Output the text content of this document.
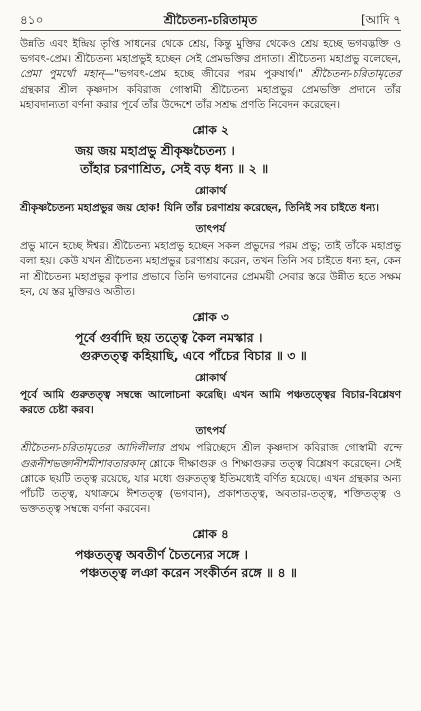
৪১০	শ্রীচৈতন্য-চরিতামৃত	[আদি ৭

উন্নতি এবং ইন্দ্রিয় তৃপ্তি সাধনের থেকে শ্রেয়, কিন্তু মুক্তির থেকেও শ্রেয় হচ্ছে ভগবদ্ভক্তি ও ভগবৎ-প্রেম। শ্রীচৈতন্য মহাপ্রভুই হচ্ছেন সেই প্রেমভক্তির প্রদাতা। শ্রীচৈতন্য মহাপ্রভু বলেছেন, প্রেমা পুমর্থো মহান্—"ভগবৎ-প্রেম হচ্ছে জীবের পরম পুরুষার্থ।" শ্রীচৈতন্য-চরিতামৃতের গ্রন্থকার শ্রীল কৃষ্ণদাস কবিরাজ গোস্বামী শ্রীচৈতন্য মহাপ্রভুর প্রেমভক্তি প্রদানে তাঁর মহাবদান্যতা বর্ণনা করার পূর্বে তাঁর উদ্দেশে তাঁর সশ্রদ্ধ প্রণতি নিবেদন করেছেন।

শ্লোক ২
জয় জয় মহাপ্রভু শ্রীকৃষ্ণচৈতন্য ।
তাঁহার চরণাশ্রিত, সেই বড় ধন্য ॥ ২ ॥
শ্লোকার্থ

শ্রীকৃষ্ণচৈতন্য মহাপ্রভুর জয় হোক! যিনি তাঁর চরণাশ্রয় করেছেন, তিনিই সব চাইতে ধন্য।

তাৎপর্য

প্রভু মানে হচ্ছে ঈশ্বর। শ্রীচৈতন্য মহাপ্রভু হচ্ছেন সকল প্রভুদের পরম প্রভু; তাই তাঁকে মহাপ্রভু বলা হয়। কেউ যখন শ্রীচৈতন্য মহাপ্রভুর চরণাশ্রয় করেন, তখন তিনি সব চাইতে ধন্য হন, কেন না শ্রীচৈতন্য মহাপ্রভুর কৃপার প্রভাবে তিনি ভগবানের প্রেমময়ী সেবার স্তরে উন্নীত হতে সক্ষম হন, যে স্তর মুক্তিরও অতীত।

শ্লোক ৩
পূর্বে গুর্বাদি ছয় তত্ত্বে কৈল নমস্কার ।
গুরুতত্ত্ব কহিয়াছি, এবে পাঁচের বিচার ॥ ৩ ॥
শ্লোকার্থ

পূর্বে আমি গুরুতত্ত্ব সম্বন্ধে আলোচনা করেছি। এখন আমি পঞ্চতত্ত্বের বিচার-বিশ্লেষণ করতে চেষ্টা করব।

তাৎপর্য

শ্রীচৈতন্য-চরিতামৃতের আদিলীলার প্রথম পরিচ্ছেদে শ্রীল কৃষ্ণদাস কবিরাজ গোস্বামী বন্দে গুরূনীশভক্তানীশমীশাবতারকান্ শ্লোকে দীক্ষাগুরু ও শিক্ষাগুরুর তত্ত্ব বিশ্লেষণ করেছেন। সেই শ্লোকে ছয়টি তত্ত্ব রয়েছে, যার মধ্যে গুরুতত্ত্ব ইতিমধ্যেই বর্ণিত হয়েছে। এখন গ্রন্থকার অন্য পাঁচটি তত্ত্ব, যথাক্রমে ঈশতত্ত্ব (ভগবান), প্রকাশতত্ত্ব, অবতার-তত্ত্ব, শক্তিতত্ত্ব ও ভক্ততত্ত্ব সম্বন্ধে বর্ণনা করবেন।

শ্লোক ৪
পঞ্চতত্ত্ব অবতীর্ণ চৈতন্যের সঙ্গে ।
পঞ্চতত্ত্ব লঞা করেন সংকীর্তন রঙ্গে ॥ ৪ ॥
